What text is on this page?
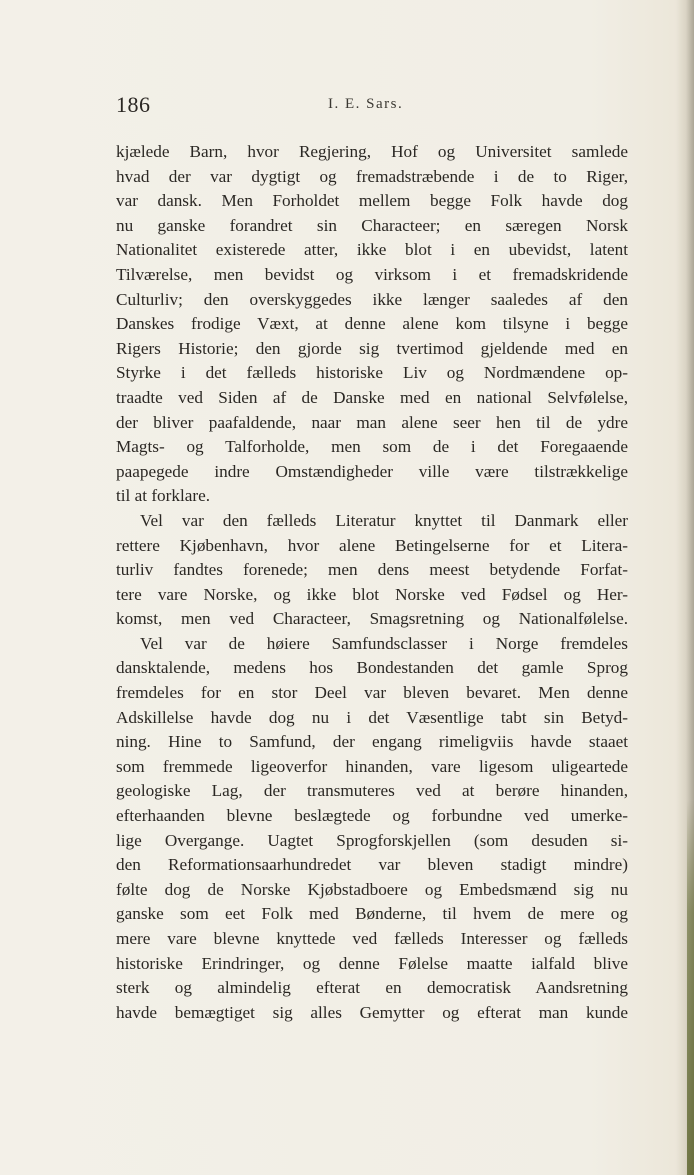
186	I. E. Sars.
kjælede Barn, hvor Regjering, Hof og Universitet samlede
hvad der var dygtigt og fremadstræbende i de to Riger,
var dansk. Men Forholdet mellem begge Folk havde dog
nu ganske forandret sin Characteer; en særegen Norsk
Nationalitet existerede atter, ikke blot i en ubevidst, latent
Tilværelse, men bevidst og virksom i et fremadskridende
Culturliv; den overskyggedes ikke længer saaledes af den
Danskes frodige Væxt, at denne alene kom tilsyne i begge
Rigers Historie; den gjorde sig tvertimod gjeldende med en
Styrke i det fælleds historiske Liv og Nordmændene op-
traadte ved Siden af de Danske med en national Selvfølelse,
der bliver paafaldende, naar man alene seer hen til de ydre
Magts- og Talforholde, men som de i det Foregaaende
paapegede indre Omstændigheder ville være tilstrækkelige
til at forklare.
Vel var den fælleds Literatur knyttet til Danmark eller
rettere Kjøbenhavn, hvor alene Betingelserne for et Litera-
turliv fandtes forenede; men dens meest betydende Forfat-
tere vare Norske, og ikke blot Norske ved Fødsel og Her-
komst, men ved Characteer, Smagsretning og Nationalfølelse.
Vel var de høiere Samfundsclasser i Norge fremdeles
dansktalende, medens hos Bondestanden det gamle Sprog
fremdeles for en stor Deel var bleven bevaret. Men denne
Adskillelse havde dog nu i det Væsentlige tabt sin Betyd-
ning. Hine to Samfund, der engang rimeligviis havde staaet
som fremmede ligeoverfor hinanden, vare ligesom uligeartede
geologiske Lag, der transmuteres ved at berøre hinanden,
efterhaanden blevne beslægtede og forbundne ved umerke-
lige Overgange. Uagtet Sprogforskjellen (som desuden si-
den Reformationsaarhundredet var bleven stadigt mindre)
følte dog de Norske Kjøbstadboere og Embedsmænd sig nu
ganske som eet Folk med Bønderne, til hvem de mere og
mere vare blevne knyttede ved fælleds Interesser og fælleds
historiske Erindringer, og denne Følelse maatte ialfald blive
sterk og almindelig efterat en democratisk Aandsretning
havde bemægtiget sig alles Gemytter og efterat man kunde
